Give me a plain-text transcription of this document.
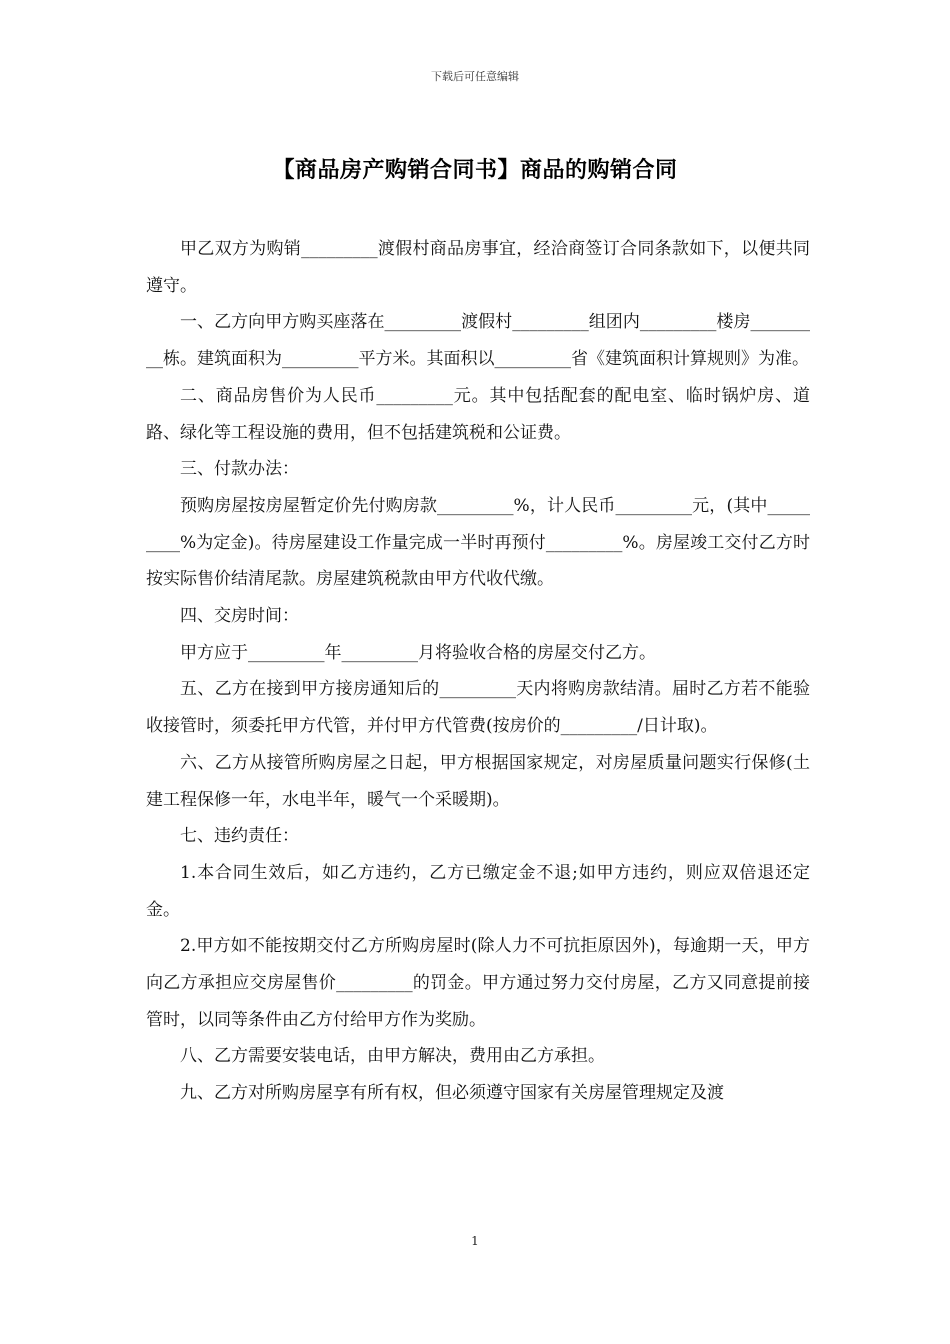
下载后可任意编辑
【商品房产购销合同书】商品的购销合同

甲乙双方为购销_________渡假村商品房事宜，经洽商签订合同条款如下，以便共同遵守。

一、乙方向甲方购买座落在_________渡假村_________组团内_________楼房_________栋。建筑面积为_________平方米。其面积以_________省《建筑面积计算规则》为准。

二、商品房售价为人民币_________元。其中包括配套的配电室、临时锅炉房、道路、绿化等工程设施的费用，但不包括建筑税和公证费。

三、付款办法：

预购房屋按房屋暂定价先付购房款_________%，计人民币_________元，(其中_________%为定金)。待房屋建设工作量完成一半时再预付_________%。房屋竣工交付乙方时按实际售价结清尾款。房屋建筑税款由甲方代收代缴。

四、交房时间：

甲方应于_________年_________月将验收合格的房屋交付乙方。

五、乙方在接到甲方接房通知后的_________天内将购房款结清。届时乙方若不能验收接管时，须委托甲方代管，并付甲方代管费(按房价的_________/日计取)。

六、乙方从接管所购房屋之日起，甲方根据国家规定，对房屋质量问题实行保修(土建工程保修一年，水电半年，暖气一个采暖期)。

七、违约责任：

1.本合同生效后，如乙方违约，乙方已缴定金不退;如甲方违约，则应双倍退还定金。

2.甲方如不能按期交付乙方所购房屋时(除人力不可抗拒原因外)，每逾期一天，甲方向乙方承担应交房屋售价_________的罚金。甲方通过努力交付房屋，乙方又同意提前接管时，以同等条件由乙方付给甲方作为奖励。

八、乙方需要安装电话，由甲方解决，费用由乙方承担。

九、乙方对所购房屋享有所有权，但必须遵守国家有关房屋管理规定及渡

1
